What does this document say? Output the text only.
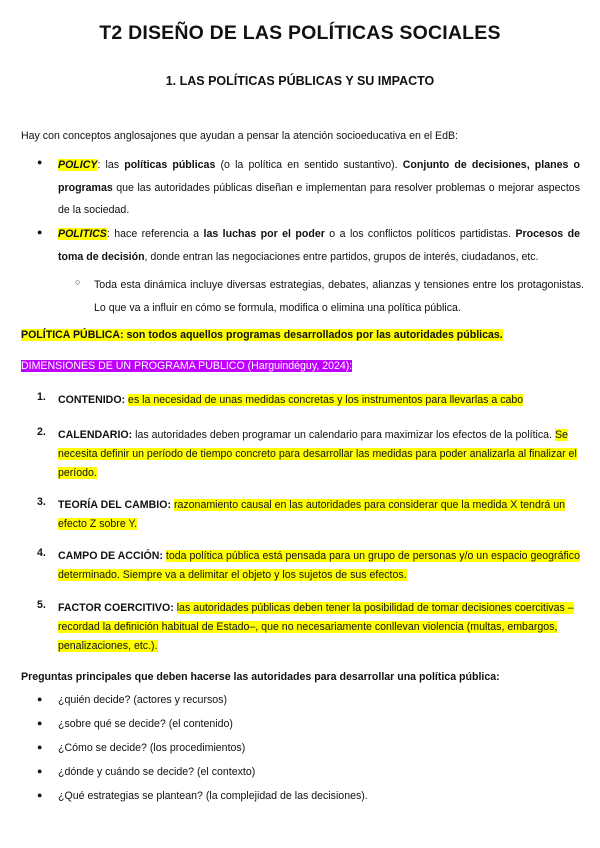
T2 DISEÑO DE LAS POLÍTICAS SOCIALES
1. LAS POLÍTICAS PÚBLICAS Y SU IMPACTO
Hay con conceptos anglosajones que ayudan a pensar la atención socioeducativa en el EdB:
● POLICY: las políticas públicas (o la política en sentido sustantivo). Conjunto de decisiones, planes o programas que las autoridades públicas diseñan e implementan para resolver problemas o mejorar aspectos de la sociedad.
● POLITICS: hace referencia a las luchas por el poder o a los conflictos políticos partidistas. Procesos de toma de decisión, donde entran las negociaciones entre partidos, grupos de interés, ciudadanos, etc.
○ Toda esta dinámica incluye diversas estrategias, debates, alianzas y tensiones entre los protagonistas. Lo que va a influir en cómo se formula, modifica o elimina una política pública.
POLÍTICA PÚBLICA: son todos aquellos programas desarrollados por las autoridades públicas.
DIMENSIONES DE UN PROGRAMA PÚBLICO (Harguindéguy, 2024):
1. CONTENIDO: es la necesidad de unas medidas concretas y los instrumentos para llevarlas a cabo
2. CALENDARIO: las autoridades deben programar un calendario para maximizar los efectos de la política. Se necesita definir un período de tiempo concreto para desarrollar las medidas para poder analizarla al finalizar el período.
3. TEORÍA DEL CAMBIO: razonamiento causal en las autoridades para considerar que la medida X tendrá un efecto Z sobre Y.
4. CAMPO DE ACCIÓN: toda política pública está pensada para un grupo de personas y/o un espacio geográfico determinado. Siempre va a delimitar el objeto y los sujetos de sus efectos.
5. FACTOR COERCITIVO: las autoridades públicas deben tener la posibilidad de tomar decisiones coercitivas – recordad la definición habitual de Estado–, que no necesariamente conllevan violencia (multas, embargos, penalizaciones, etc.).
Preguntas principales que deben hacerse las autoridades para desarrollar una política pública:
● ¿quién decide? (actores y recursos)
● ¿sobre qué se decide? (el contenido)
● ¿Cómo se decide? (los procedimientos)
● ¿dónde y cuándo se decide? (el contexto)
● ¿Qué estrategias se plantean? (la complejidad de las decisiones).
